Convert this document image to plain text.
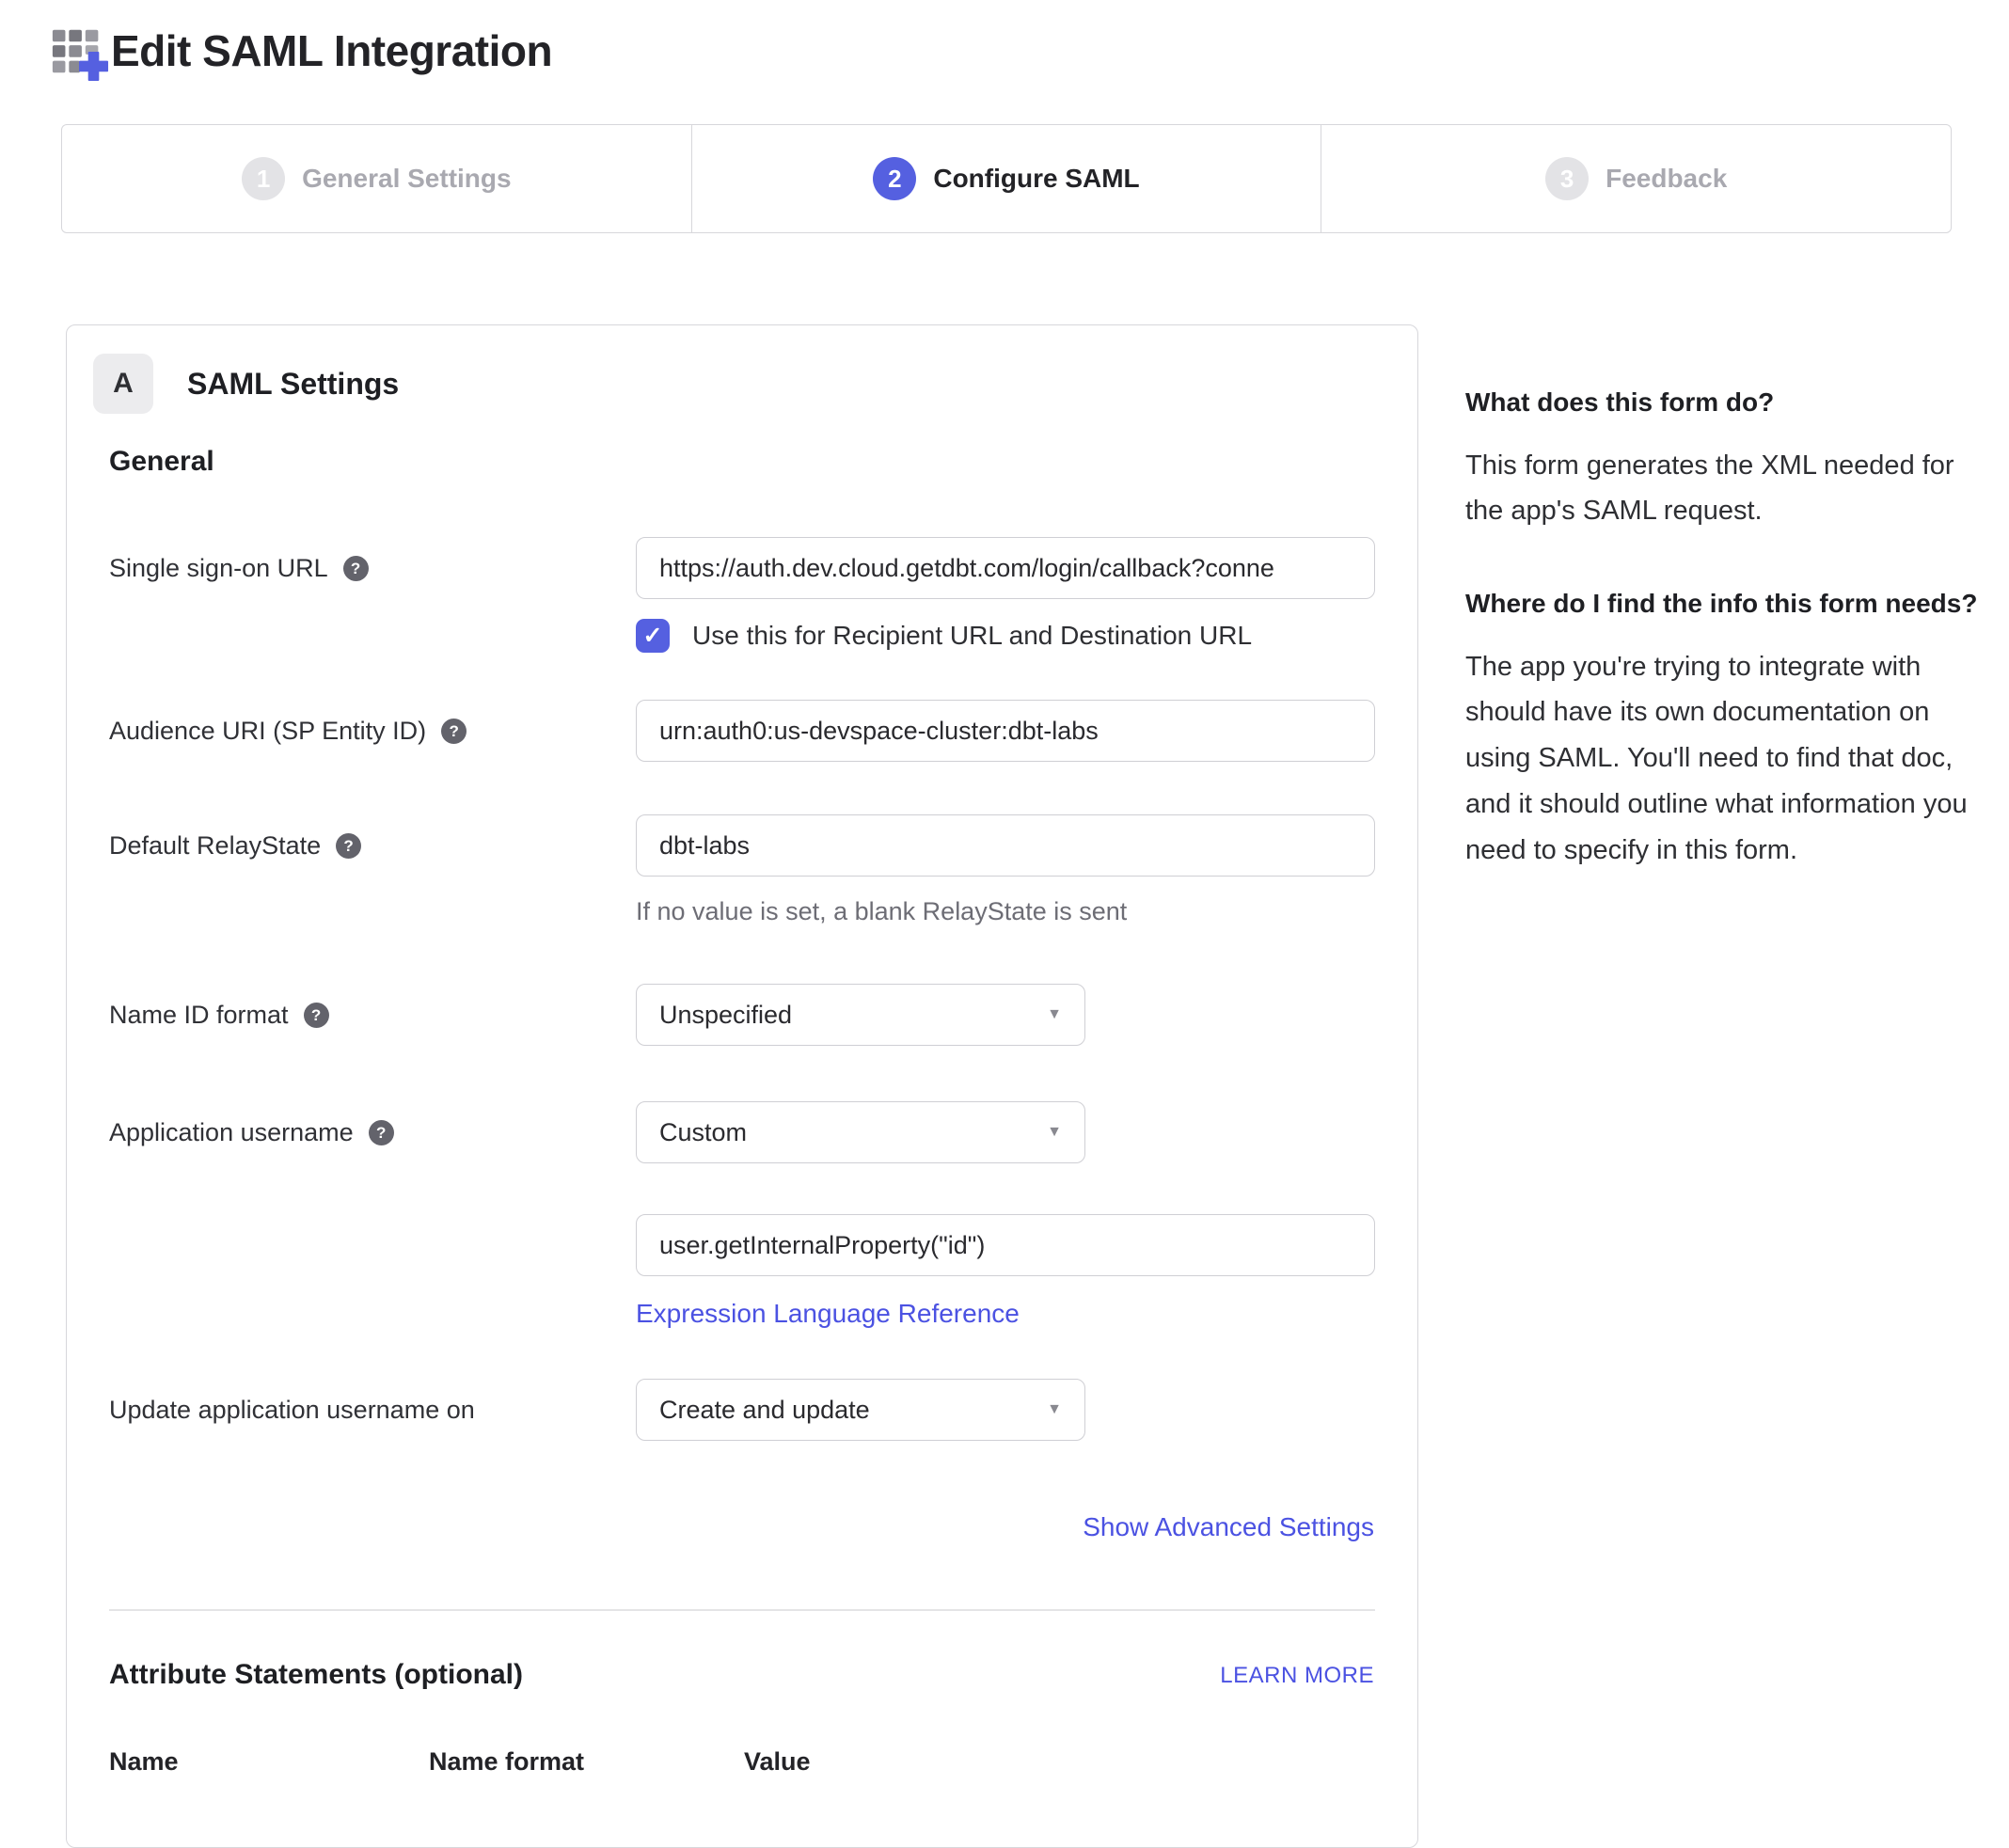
Edit SAML Integration
1	General Settings	2	Configure SAML	3	Feedback
A	SAML Settings
General
Single sign-on URL	?
https://auth.dev.cloud.getdbt.com/login/callback?conne
✓ Use this for Recipient URL and Destination URL
Audience URI (SP Entity ID)	?
urn:auth0:us-devspace-cluster:dbt-labs
Default RelayState	?
dbt-labs
If no value is set, a blank RelayState is sent
Name ID format	?	Unspecified	▼
Application username	?	Custom	▼
user.getInternalProperty("id")
Expression Language Reference
Update application username on	Create and update	▼
Show Advanced Settings
Attribute Statements (optional)	LEARN MORE
Name	Name format	Value
What does this form do?

This form generates the XML needed for the app's SAML request.

Where do I find the info this form needs?

The app you're trying to integrate with should have its own documentation on using SAML. You'll need to find that doc, and it should outline what information you need to specify in this form.
